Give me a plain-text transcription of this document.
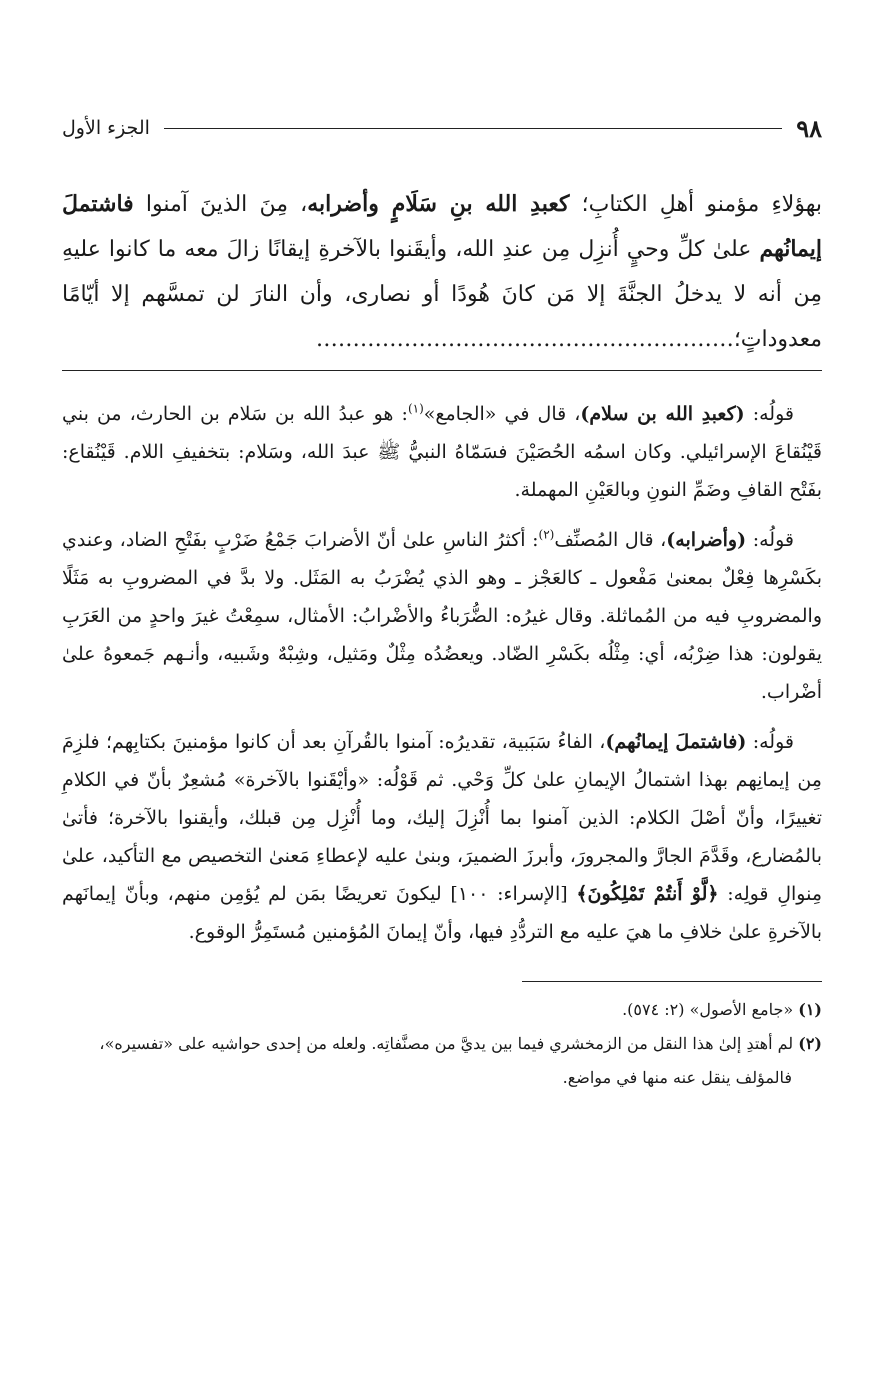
٩٨
الجزء الأول

بهؤلاءِ مؤمنو أهلِ الكتابِ؛ كعبدِ الله بنِ سَلَامٍ وأضرابه، مِنَ الذينَ آمنوا فاشتملَ إيمانُهم علىٰ كلِّ وحيٍ أُنزِل مِن عندِ الله، وأيقَنوا بالآخرةِ إيقانًا زالَ معه ما كانوا عليهِ مِن أنه لا يدخلُ الجنَّةَ إلا مَن كانَ هُودًا أو نصارى، وأن النارَ لن تمسَّهم إلا أيّامًا معدوداتٍ؛…………………………………………………

قولُه: (كعبدِ الله بن سلام)، قال في «الجامع»$^{(١)}$: هو عبدُ الله بن سَلام بن الحارث، من بني قَيْنُقاعَ الإسرائيلي. وكان اسمُه الحُصَيْنَ فسَمّاهُ النبيُّ ﷺ عبدَ الله، وسَلام: بتخفيفِ اللام. قَيْنُقاع: بفَتْح القافِ وضَمِّ النونِ وبالعَيْنِ المهملة.

قولُه: (وأضرابه)، قال المُصنِّف$^{(٢)}$: أكثرُ الناسِ علىٰ أنّ الأضرابَ جَمْعُ ضَرْبٍ بفَتْحِ الضاد، وعندي بكَسْرِها فِعْلٌ بمعنىٰ مَفْعول ـ كالعَجْز ـ وهو الذي يُضْرَبُ به المَثَل. ولا بدَّ في المضروبِ به مَثَلًا والمضروبِ فيه من المُماثلة. وقال غيرُه: الضُّرَباءُ والأضْرابُ: الأمثال، سمِعْتُ غيرَ واحدٍ من العَرَبِ يقولون: هذا ضِرْبُه، أي: مِثْلُه بكَسْرِ الضّاد. ويعضُدُه مِثْلٌ ومَثيل، وشِبْهٌ وشَبيه، وأنـهم جَمعوهُ علىٰ أضْراب.

قولُه: (فاشتملَ إيمانُهم)، الفاءُ سَبَبية، تقديرُه: آمنوا بالقُرآنِ بعد أن كانوا مؤمنينَ بكتابِهم؛ فلزِمَ مِن إيمانِهم بهذا اشتمالُ الإيمانِ علىٰ كلِّ وَحْي. ثم قَوْلُه: «وأيْقَنوا بالآخرة» مُشعِرٌ بأنّ في الكلامِ تغييرًا، وأنّ أصْلَ الكلام: الذين آمنوا بما أُنْزِلَ إليك، وما أُنْزِل مِن قبلك، وأيقنوا بالآخرة؛ فأتىٰ بالمُضارع، وقَدَّمَ الجارَّ والمجرورَ، وأبرزَ الضميرَ، وبنىٰ عليه لإعطاءِ مَعنىٰ التخصيص مع التأكيد، علىٰ مِنوالِ قولِه: ﴿لَّوْ أَنتُمْ تَمْلِكُونَ﴾ [الإسراء: ١٠٠] ليكونَ تعريضًا بمَن لم يُؤمِن منهم، وبأنّ إيمانَهم بالآخرةِ علىٰ خلافِ ما هيَ عليه مع التردُّدِ فيها، وأنّ إيمانَ المُؤمنين مُستَمِرُّ الوقوع.

(١) «جامع الأصول» (٢: ٥٧٤).

(٢) لم أهتدِ إلىٰ هذا النقل من الزمخشري فيما بين يديَّ من مصنَّفاتِه. ولعله من إحدى حواشيه على «تفسيره»،

فالمؤلف ينقل عنه منها في مواضع.
